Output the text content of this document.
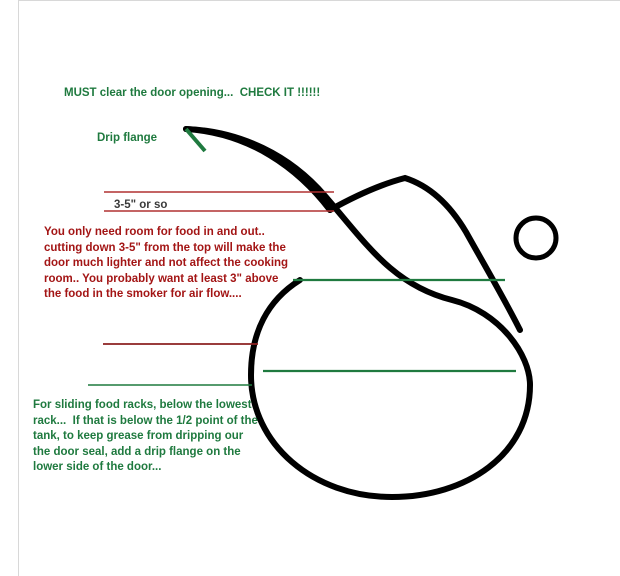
MUST clear the door opening...  CHECK IT !!!!!!
Drip flange
3-5" or so
You only need room for food in and out..  cutting down 3-5" from the top will make the door much lighter and not affect the cooking room.. You probably want at least 3" above the food in the smoker for air flow....
For sliding food racks, below the lowest rack...  If that is below the 1/2 point of the tank, to keep grease from dripping our the door seal, add a drip flange on the lower side of the door...
